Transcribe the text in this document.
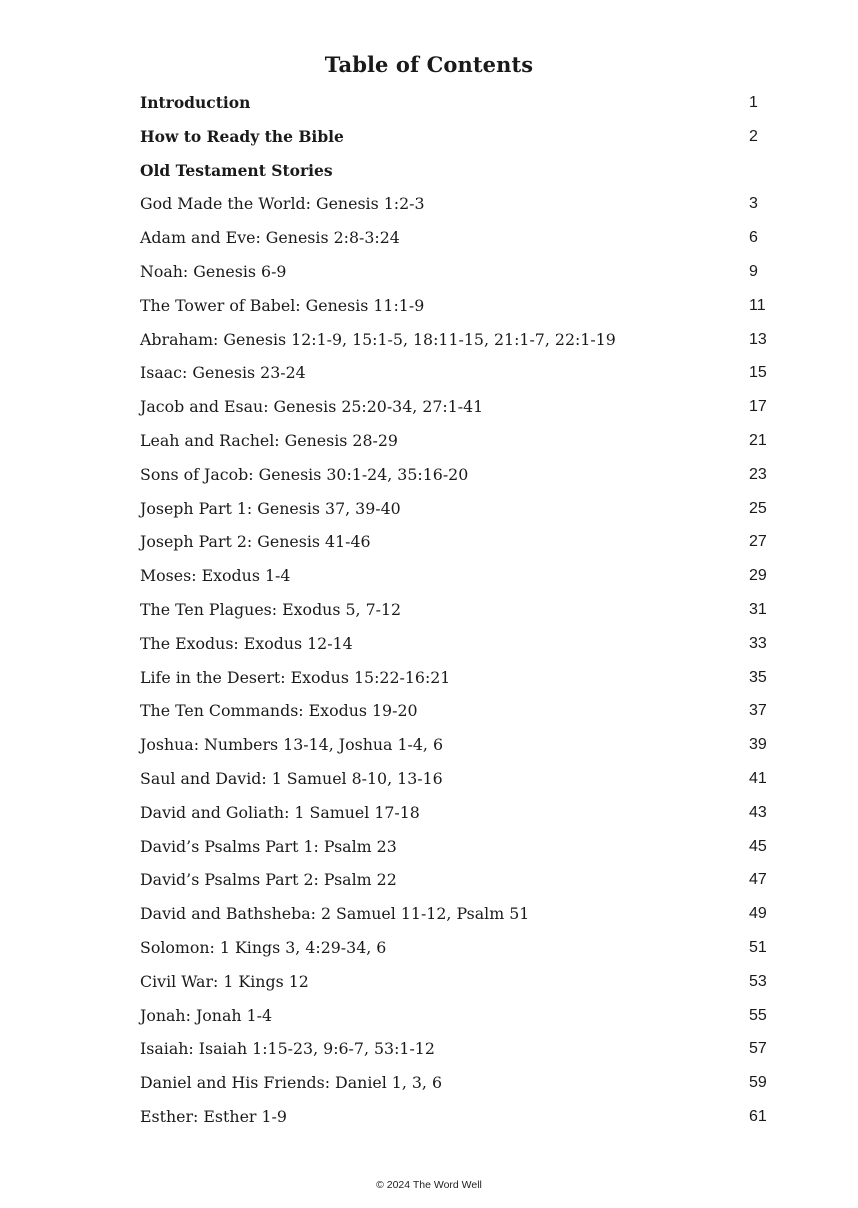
Table of Contents
Introduction	1
How to Ready the Bible	2
Old Testament Stories
God Made the World: Genesis 1:2-3	3
Adam and Eve: Genesis 2:8-3:24	6
Noah: Genesis 6-9	9
The Tower of Babel: Genesis 11:1-9	11
Abraham: Genesis 12:1-9, 15:1-5, 18:11-15, 21:1-7, 22:1-19	13
Isaac: Genesis 23-24	15
Jacob and Esau: Genesis 25:20-34, 27:1-41	17
Leah and Rachel: Genesis 28-29	21
Sons of Jacob: Genesis 30:1-24, 35:16-20	23
Joseph Part 1: Genesis 37, 39-40	25
Joseph Part 2: Genesis 41-46	27
Moses: Exodus 1-4	29
The Ten Plagues: Exodus 5, 7-12	31
The Exodus: Exodus 12-14	33
Life in the Desert: Exodus 15:22-16:21	35
The Ten Commands: Exodus 19-20	37
Joshua: Numbers 13-14, Joshua 1-4, 6	39
Saul and David: 1 Samuel 8-10, 13-16	41
David and Goliath: 1 Samuel 17-18	43
David’s Psalms Part 1: Psalm 23	45
David’s Psalms Part 2: Psalm 22	47
David and Bathsheba: 2 Samuel 11-12, Psalm 51	49
Solomon: 1 Kings 3, 4:29-34, 6	51
Civil War: 1 Kings 12	53
Jonah: Jonah 1-4	55
Isaiah: Isaiah 1:15-23, 9:6-7, 53:1-12	57
Daniel and His Friends: Daniel 1, 3, 6	59
Esther: Esther 1-9	61
© 2024 The Word Well
